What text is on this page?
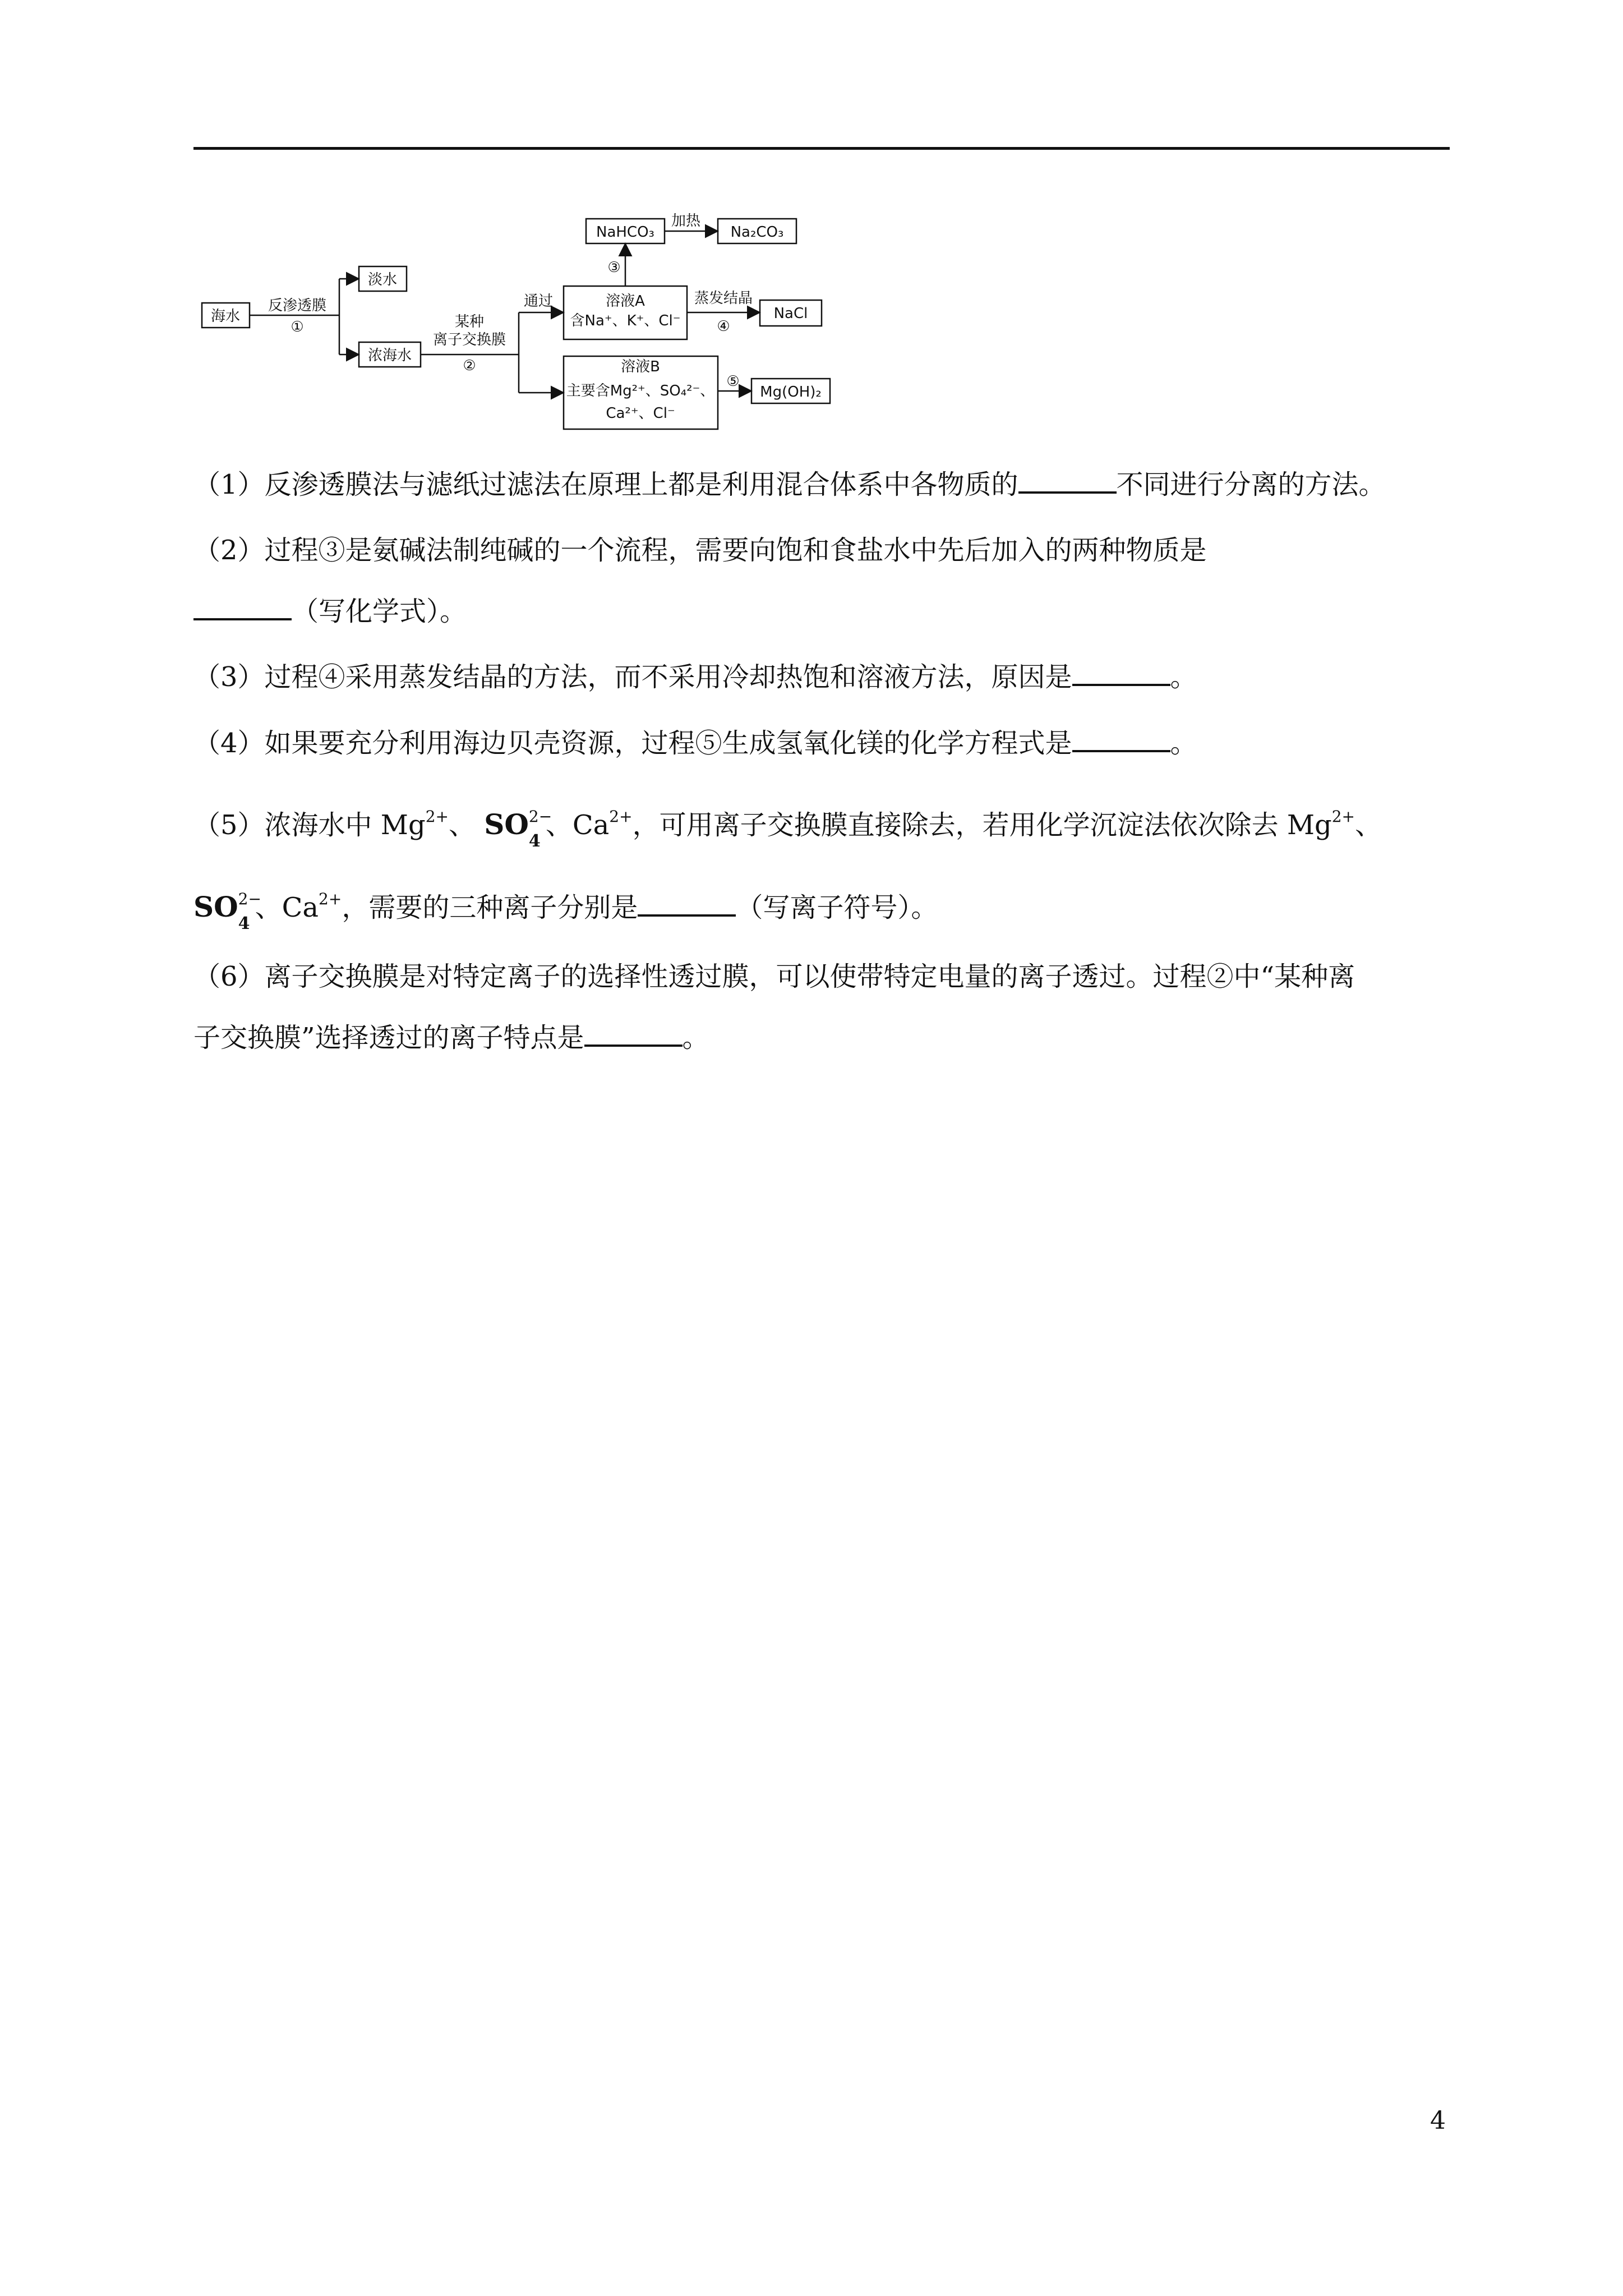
海水
反渗透膜
①
淡水
浓海水
某种
离子交换膜
②
通过	溶液A
含Na⁺、K⁺、Cl⁻
蒸发结晶
④
NaCl
③
NaHCO₃
加热
Na₂CO₃
溶液B
主要含Mg²⁺、SO₄²⁻、
Ca²⁺、Cl⁻
⑤
Mg(OH)₂
（1）反渗透膜法与滤纸过滤法在原理上都是利用混合体系中各物质的	不同进行分离的方法。
（2）过程③是氨碱法制纯碱的一个流程，需要向饱和食盐水中先后加入的两种物质是
（写化学式）。
（3）过程④采用蒸发结晶的方法，而不采用冷却热饱和溶液方法，原因是	。
（4）如果要充分利用海边贝壳资源，过程⑤生成氢氧化镁的化学方程式是	。
（5）浓海水中 $Mg^{2+}$、 SO 2−
4
、$Ca^{2+}$，可用离子交换膜直接除去，若用化学沉淀法依次除去 $Mg^{2+}$、
SO 2−
4
、$Ca^{2+}$，需要的三种离子分别是	（写离子符号）。
（6）离子交换膜是对特定离子的选择性透过膜，可以使带特定电量的离子透过。过程②中“某种离
子交换膜”选择透过的离子特点是	。
4
